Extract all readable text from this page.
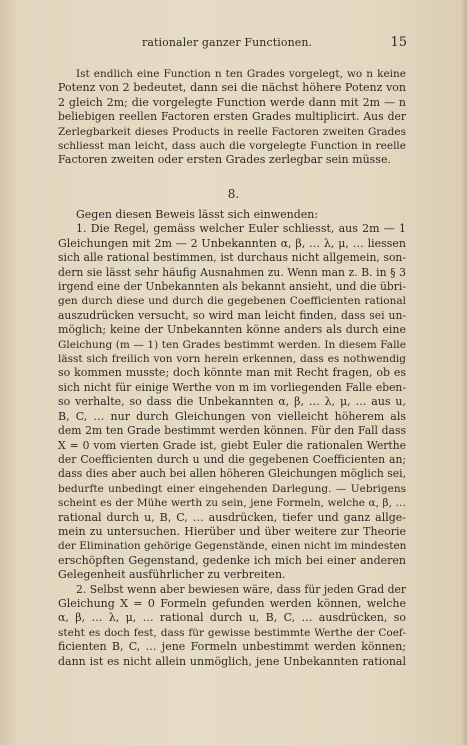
rationaler ganzer Functionen.	15
Ist endlich eine Function n ten Grades vorgelegt, wo n keine
Potenz von 2 bedeutet, dann sei die nächst höhere Potenz von
2 gleich 2m; die vorgelegte Function werde dann mit 2m — n
beliebigen reellen Factoren ersten Grades multiplicirt. Aus der
Zerlegbarkeit dieses Products in reelle Factoren zweiten Grades
schliesst man leicht, dass auch die vorgelegte Function in reelle
Factoren zweiten oder ersten Grades zerlegbar sein müsse.
8.
Gegen diesen Beweis lässt sich einwenden:
1. Die Regel, gemäss welcher Euler schliesst, aus 2m — 1
Gleichungen mit 2m — 2 Unbekannten α, β, … λ, μ, … liessen
sich alle rational bestimmen, ist durchaus nicht allgemein, son-
dern sie lässt sehr häufig Ausnahmen zu. Wenn man z. B. in § 3
irgend eine der Unbekannten als bekannt ansieht, und die übri-
gen durch diese und durch die gegebenen Coefficienten rational
auszudrücken versucht, so wird man leicht finden, dass sei un-
möglich; keine der Unbekannten könne anders als durch eine
Gleichung (m — 1) ten Grades bestimmt werden. In diesem Falle
lässt sich freilich von vorn herein erkennen, dass es nothwendig
so kommen musste; doch könnte man mit Recht fragen, ob es
sich nicht für einige Werthe von m im vorliegenden Falle eben-
so verhalte, so dass die Unbekannten α, β, … λ, μ, … aus u,
B, C, … nur durch Gleichungen von vielleicht höherem als
dem 2m ten Grade bestimmt werden können. Für den Fall dass
X = 0 vom vierten Grade ist, giebt Euler die rationalen Werthe
der Coefficienten durch u und die gegebenen Coefficienten an;
dass dies aber auch bei allen höheren Gleichungen möglich sei,
bedurfte unbedingt einer eingehenden Darlegung. — Uebrigens
scheint es der Mühe werth zu sein, jene Formeln, welche α, β, …
rational durch u, B, C, … ausdrücken, tiefer und ganz allge-
mein zu untersuchen. Hierüber und über weitere zur Theorie
der Elimination gehörige Gegenstände, einen nicht im mindesten
erschöpften Gegenstand, gedenke ich mich bei einer anderen
Gelegenheit ausführlicher zu verbreiten.
2. Selbst wenn aber bewiesen wäre, dass für jeden Grad der
Gleichung X = 0 Formeln gefunden werden können, welche
α, β, … λ, μ, … rational durch u, B, C, … ausdrücken, so
steht es doch fest, dass für gewisse bestimmte Werthe der Coef-
ficienten B, C, … jene Formeln unbestimmt werden können;
dann ist es nicht allein unmöglich, jene Unbekannten rational
